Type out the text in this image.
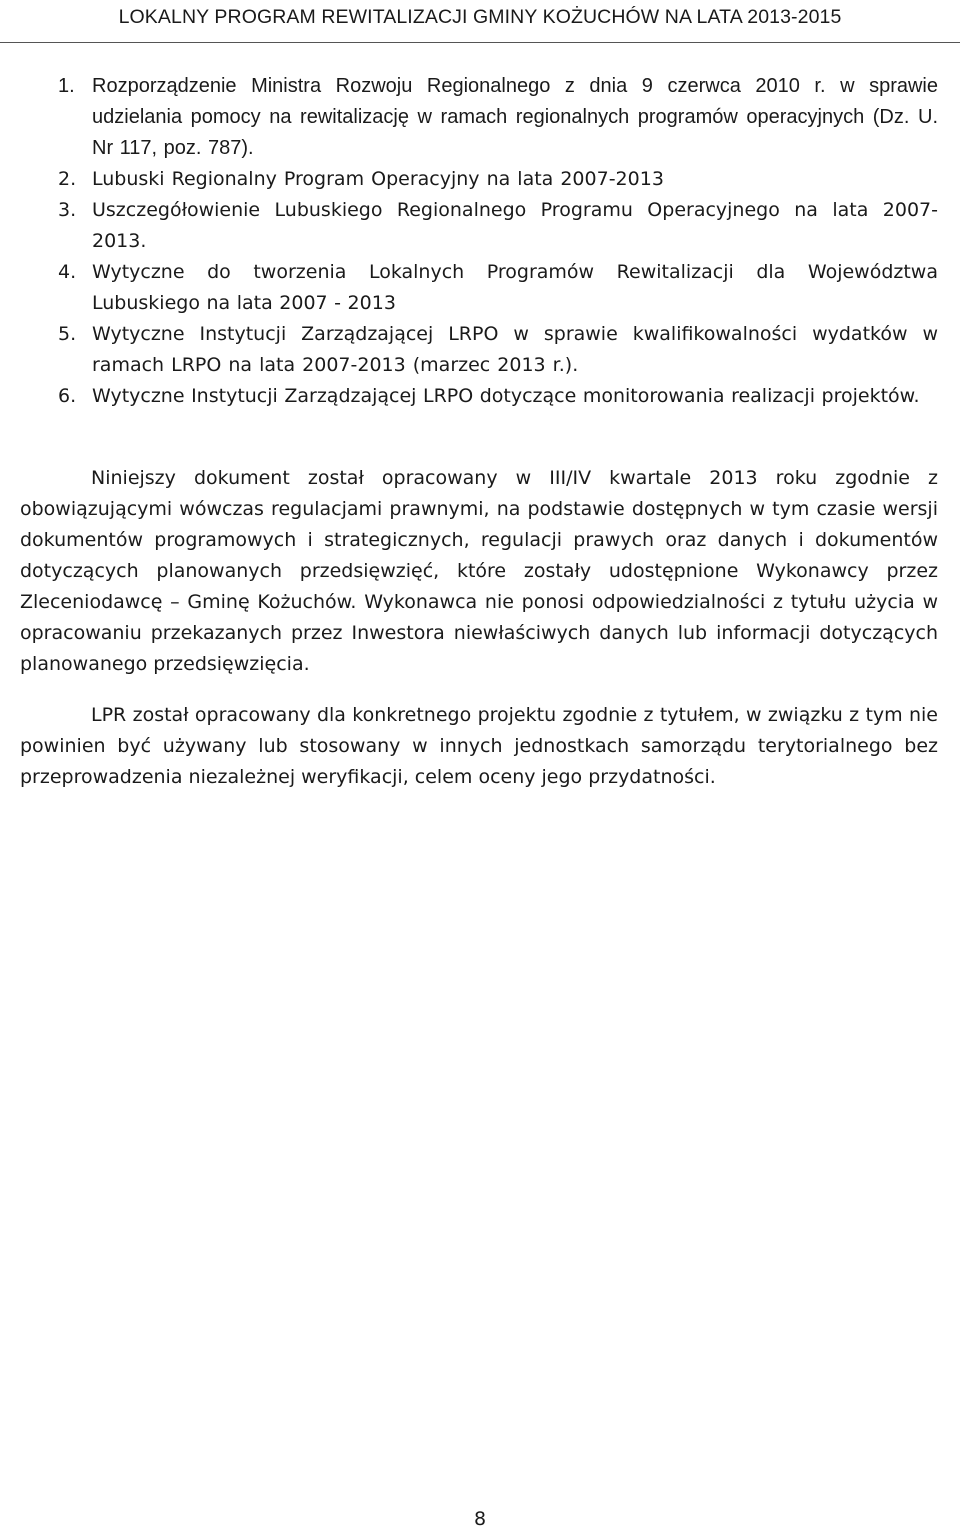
LOKALNY PROGRAM REWITALIZACJI GMINY KOŻUCHÓW NA LATA 2013-2015
1. Rozporządzenie Ministra Rozwoju Regionalnego z dnia 9 czerwca 2010 r. w sprawie udzielania pomocy na rewitalizację w ramach regionalnych programów operacyjnych (Dz. U. Nr 117, poz. 787).
2. Lubuski Regionalny Program Operacyjny na lata 2007-2013
3. Uszczegółowienie Lubuskiego Regionalnego Programu Operacyjnego na lata 2007-2013.
4. Wytyczne do tworzenia Lokalnych Programów Rewitalizacji dla Województwa Lubuskiego na lata 2007 - 2013
5. Wytyczne Instytucji Zarządzającej LRPO w sprawie kwalifikowalności wydatków w ramach LRPO na lata 2007-2013 (marzec 2013 r.).
6. Wytyczne Instytucji Zarządzającej LRPO dotyczące monitorowania realizacji projektów.

Niniejszy dokument został opracowany w III/IV kwartale 2013 roku zgodnie z obowiązującymi wówczas regulacjami prawnymi, na podstawie dostępnych w tym czasie wersji dokumentów programowych i strategicznych, regulacji prawych oraz danych i dokumentów dotyczących planowanych przedsięwzięć, które zostały udostępnione Wykonawcy przez Zleceniodawcę – Gminę Kożuchów. Wykonawca nie ponosi odpowiedzialności z tytułu użycia w opracowaniu przekazanych przez Inwestora niewłaściwych danych lub informacji dotyczących planowanego przedsięwzięcia.

LPR został opracowany dla konkretnego projektu zgodnie z tytułem, w związku z tym nie powinien być używany lub stosowany w innych jednostkach samorządu terytorialnego bez przeprowadzenia niezależnej weryfikacji, celem oceny jego przydatności.

8
